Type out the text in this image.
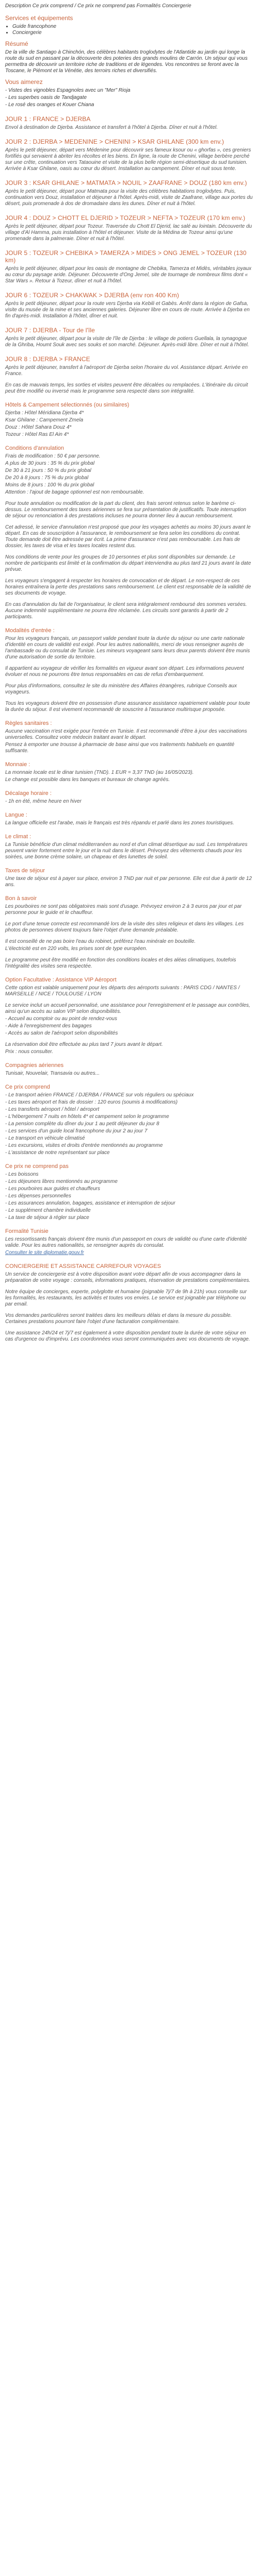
Description Ce prix comprend / Ce prix ne comprend pas Formalités Conciergerie

Services et équipements
• Guide francophone
• Conciergerie
Résumé

De la ville de Santiago à Chinchón, des célèbres habitants troglodytes de l'Atlantide au jardin qui longe la route du sud en passant par la découverte des poteries des grands moulins de Carrón. Un séjour qui vous permettra de découvrir un territoire riche de traditions et de légendes. Vos rencontres se feront avec la Toscane, le Piémont et la Vénétie, des terroirs riches et diversifiés.

Vous aimerez

- Vistes des vignobles Espagnoles avec un "Mer" Rioja

- Les superbes oasis de Tandjagate

- Le rosé des oranges et Kouer Chiana

JOUR 1 : FRANCE > DJERBA

Envol à destination de Djerba. Assistance et transfert à l'hôtel à Djerba. Dîner et nuit à l'hôtel.

JOUR 2 : DJERBA > MEDENINE > CHENINI > KSAR GHILANE (300 km env.)

Après le petit déjeuner, départ vers Médenine pour découvrir ses fameux ksour ou « ghorfas », ces greniers fortifiés qui servaient à abriter les récoltes et les biens. En ligne, la route de Chenini, village berbère perché sur une crête, continuation vers Tataouine et visite de la plus belle région semi-désertique du sud tunisien. Arrivée à Ksar Ghilane, oasis au cœur du désert. Installation au campement. Dîner et nuit sous tente.

JOUR 3 : KSAR GHILANE > MATMATA > NOUIL > ZAAFRANE > DOUZ (180 km env.)

Après le petit déjeuner, départ pour Matmata pour la visite des célèbres habitations troglodytes. Puis, continuation vers Douz, installation et déjeuner à l'hôtel. Après-midi, visite de Zaafrane, village aux portes du désert, puis promenade à dos de dromadaire dans les dunes. Dîner et nuit à l'hôtel.

JOUR 4 : DOUZ > CHOTT EL DJERID > TOZEUR > NEFTA > TOZEUR (170 km env.)

Après le petit déjeuner, départ pour Tozeur. Traversée du Chott El Djerid, lac salé au lointain. Découverte du village d'Al Hamma, puis installation à l'hôtel et déjeuner. Visite de la Médina de Tozeur ainsi qu'une promenade dans la palmeraie. Dîner et nuit à l'hôtel.

JOUR 5 : TOZEUR > CHEBIKA > TAMERZA > MIDES > ONG JEMEL > TOZEUR (130 km)

Après le petit déjeuner, départ pour les oasis de montagne de Chebika, Tamerza et Midès, véritables joyaux au cœur du paysage aride. Déjeuner. Découverte d'Ong Jemel, site de tournage de nombreux films dont « Star Wars ». Retour à Tozeur, dîner et nuit à l'hôtel.

JOUR 6 : TOZEUR > CHAKWAK > DJERBA (env ron 400 Km)

Après le petit déjeuner, départ pour la route vers Djerba via Kebili et Gabès. Arrêt dans la région de Gafsa, visite du musée de la mine et ses anciennes galeries. Déjeuner libre en cours de route. Arrivée à Djerba en fin d'après-midi. Installation à l'hôtel, dîner et nuit.

JOUR 7 : DJERBA - Tour de l'île

Après le petit déjeuner, départ pour la visite de l'île de Djerba : le village de potiers Guellala, la synagogue de la Ghriba, Houmt Souk avec ses souks et son marché. Déjeuner. Après-midi libre. Dîner et nuit à l'hôtel.

JOUR 8 : DJERBA > FRANCE

Après le petit déjeuner, transfert à l'aéroport de Djerba selon l'horaire du vol. Assistance départ. Arrivée en France.

En cas de mauvais temps, les sorties et visites peuvent être décalées ou remplacées. L'itinéraire du circuit peut être modifié ou inversé mais le programme sera respecté dans son intégralité.

Hôtels & Campement sélectionnés (ou similaires)

Djerba : Hôtel Méridiana Djerba 4*

Ksar Ghilane : Campement Zmela

Douz : Hôtel Sahara Douz 4*

Tozeur : Hôtel Ras El Ain 4*

Conditions d'annulation

Frais de modification : 50 € par personne.

A plus de 30 jours : 35 % du prix global

De 30 à 21 jours : 50 % du prix global

De 20 à 8 jours : 75 % du prix global

Moins de 8 jours : 100 % du prix global

Attention : l'ajout de bagage optionnel est non remboursable.

Pour toute annulation ou modification de la part du client, des frais seront retenus selon le barème ci-dessus. Le remboursement des taxes aériennes se fera sur présentation de justificatifs. Toute interruption de séjour ou renonciation à des prestations incluses ne pourra donner lieu à aucun remboursement.

Cet adressé, le service d'annulation n'est proposé que pour les voyages achetés au moins 30 jours avant le départ. En cas de souscription à l'assurance, le remboursement se fera selon les conditions du contrat. Toute demande doit être adressée par écrit. La prime d'assurance n'est pas remboursable. Les frais de dossier, les taxes de visa et les taxes locales restent dus.

Nos conditions de vente pour les groupes de 10 personnes et plus sont disponibles sur demande. Le nombre de participants est limité et la confirmation du départ interviendra au plus tard 21 jours avant la date prévue.

Les voyageurs s'engagent à respecter les horaires de convocation et de départ. Le non-respect de ces horaires entraînera la perte des prestations sans remboursement. Le client est responsable de la validité de ses documents de voyage.

En cas d'annulation du fait de l'organisateur, le client sera intégralement remboursé des sommes versées. Aucune indemnité supplémentaire ne pourra être réclamée. Les circuits sont garantis à partir de 2 participants.

Modalités d'entrée :

Pour les voyageurs français, un passeport valide pendant toute la durée du séjour ou une carte nationale d'identité en cours de validité est exigé. Pour les autres nationalités, merci de vous renseigner auprès de l'ambassade ou du consulat de Tunisie. Les mineurs voyageant sans leurs deux parents doivent être munis d'une autorisation de sortie du territoire.

Il appartient au voyageur de vérifier les formalités en vigueur avant son départ. Les informations peuvent évoluer et nous ne pourrons être tenus responsables en cas de refus d'embarquement.

Pour plus d'informations, consultez le site du ministère des Affaires étrangères, rubrique Conseils aux voyageurs.

Tous les voyageurs doivent être en possession d'une assurance assistance rapatriement valable pour toute la durée du séjour. Il est vivement recommandé de souscrire à l'assurance multirisque proposée.

Règles sanitaires :

Aucune vaccination n'est exigée pour l'entrée en Tunisie. Il est recommandé d'être à jour des vaccinations universelles. Consultez votre médecin traitant avant le départ.

Pensez à emporter une trousse à pharmacie de base ainsi que vos traitements habituels en quantité suffisante.

Monnaie :

La monnaie locale est le dinar tunisien (TND). 1 EUR = 3,37 TND (au 16/05/2023).

Le change est possible dans les banques et bureaux de change agréés.

Décalage horaire :

- 1h en été, même heure en hiver

Langue :

La langue officielle est l'arabe, mais le français est très répandu et parlé dans les zones touristiques.

Le climat :

La Tunisie bénéficie d'un climat méditerranéen au nord et d'un climat désertique au sud. Les températures peuvent varier fortement entre le jour et la nuit dans le désert. Prévoyez des vêtements chauds pour les soirées, une bonne crème solaire, un chapeau et des lunettes de soleil.

Taxes de séjour

Une taxe de séjour est à payer sur place, environ 3 TND par nuit et par personne. Elle est due à partir de 12 ans.

Bon à savoir

Les pourboires ne sont pas obligatoires mais sont d'usage. Prévoyez environ 2 à 3 euros par jour et par personne pour le guide et le chauffeur.

Le port d'une tenue correcte est recommandé lors de la visite des sites religieux et dans les villages. Les photos de personnes doivent toujours faire l'objet d'une demande préalable.

Il est conseillé de ne pas boire l'eau du robinet, préférez l'eau minérale en bouteille.

L'électricité est en 220 volts, les prises sont de type européen.

Le programme peut être modifié en fonction des conditions locales et des aléas climatiques, toutefois l'intégralité des visites sera respectée.

Option Facultative : Assistance VIP Aéroport

Cette option est valable uniquement pour les départs des aéroports suivants : PARIS CDG / NANTES / MARSEILLE / NICE / TOULOUSE / LYON

Le service inclut un accueil personnalisé, une assistance pour l'enregistrement et le passage aux contrôles, ainsi qu'un accès au salon VIP selon disponibilités.

- Accueil au comptoir ou au point de rendez-vous

- Aide à l'enregistrement des bagages

- Accès au salon de l'aéroport selon disponibilités

La réservation doit être effectuée au plus tard 7 jours avant le départ.

Prix : nous consulter.

Compagnies aériennes

Tunisair, Nouvelair, Transavia ou autres...

Ce prix comprend

- Le transport aérien FRANCE / DJERBA / FRANCE sur vols réguliers ou spéciaux

- Les taxes aéroport et frais de dossier : 120 euros (soumis à modifications)

- Les transferts aéroport / hôtel / aéroport

- L'hébergement 7 nuits en hôtels 4* et campement selon le programme

- La pension complète du dîner du jour 1 au petit déjeuner du jour 8

- Les services d'un guide local francophone du jour 2 au jour 7

- Le transport en véhicule climatisé

- Les excursions, visites et droits d'entrée mentionnés au programme

- L'assistance de notre représentant sur place

Ce prix ne comprend pas

- Les boissons

- Les déjeuners libres mentionnés au programme

- Les pourboires aux guides et chauffeurs

- Les dépenses personnelles

- Les assurances annulation, bagages, assistance et interruption de séjour

- Le supplément chambre individuelle

- La taxe de séjour à régler sur place

Formalité Tunisie

Les ressortissants français doivent être munis d'un passeport en cours de validité ou d'une carte d'identité valide. Pour les autres nationalités, se renseigner auprès du consulat.

Consulter le site diplomatie.gouv.fr

CONCIERGERIE ET ASSISTANCE CARREFOUR VOYAGES

Un service de conciergerie est à votre disposition avant votre départ afin de vous accompagner dans la préparation de votre voyage : conseils, informations pratiques, réservation de prestations complémentaires.

Notre équipe de concierges, experte, polyglotte et humaine (joignable 7j/7 de 9h à 21h) vous conseille sur les formalités, les restaurants, les activités et toutes vos envies. Le service est joignable par téléphone ou par email.

Vos demandes particulières seront traitées dans les meilleurs délais et dans la mesure du possible. Certaines prestations pourront faire l'objet d'une facturation complémentaire.

Une assistance 24h/24 et 7j/7 est également à votre disposition pendant toute la durée de votre séjour en cas d'urgence ou d'imprévu. Les coordonnées vous seront communiquées avec vos documents de voyage.
